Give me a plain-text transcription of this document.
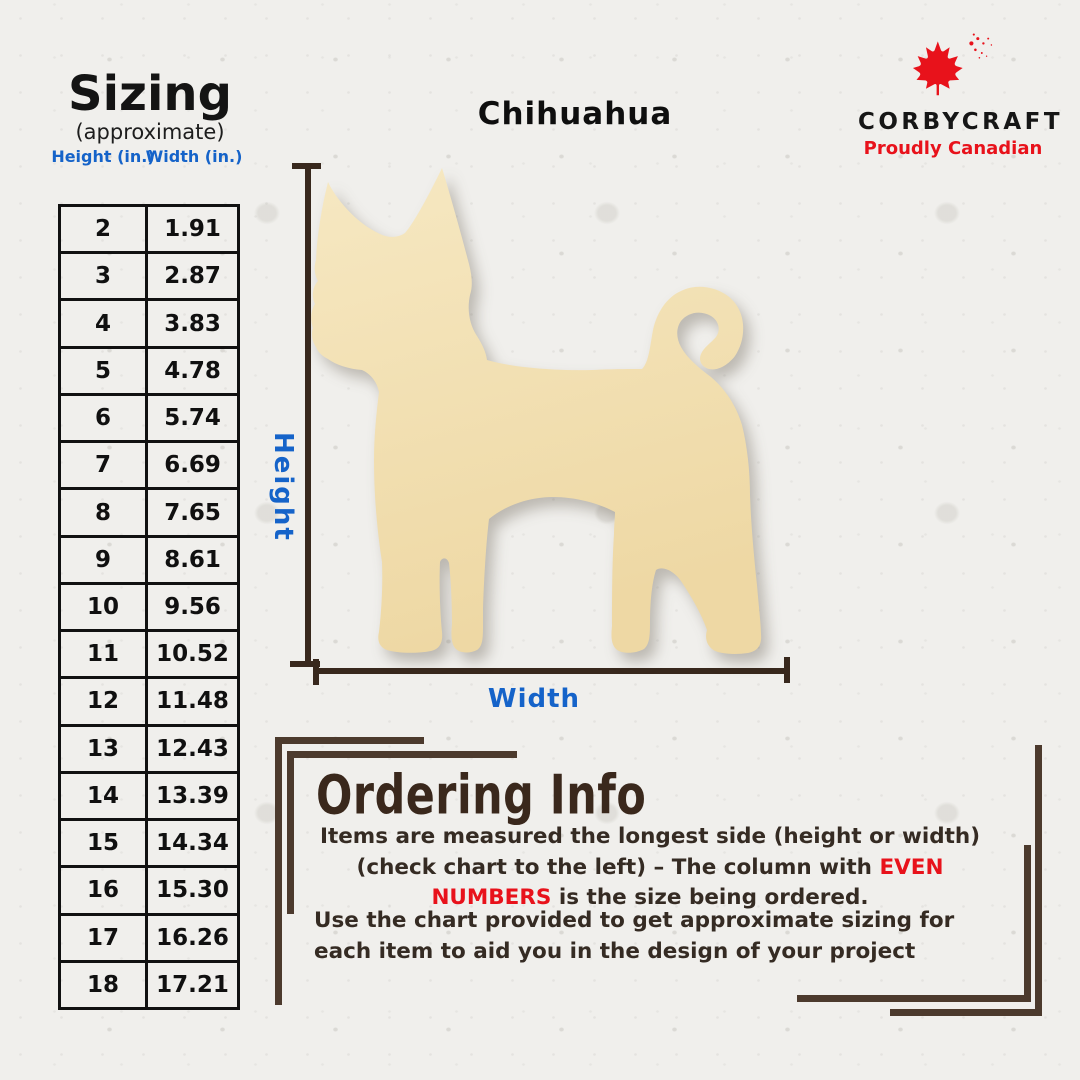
Sizing
(approximate)
Height (in.)
Width (in.)
2	1.91
3	2.87
4	3.83
5	4.78
6	5.74
7	6.69
8	7.65
9	8.61
10	9.56
11	10.52
12	11.48
13	12.43
14	13.39
15	14.34
16	15.30
17	16.26
18	17.21
Chihuahua	CORBYCRAFT
Proudly Canadian
Height
Width
Ordering Info

Items are measured the longest side (height or width) (check chart to the left) – The column with EVEN NUMBERS is the size being ordered.

Use the chart provided to get approximate sizing for each item to aid you in the design of your project
